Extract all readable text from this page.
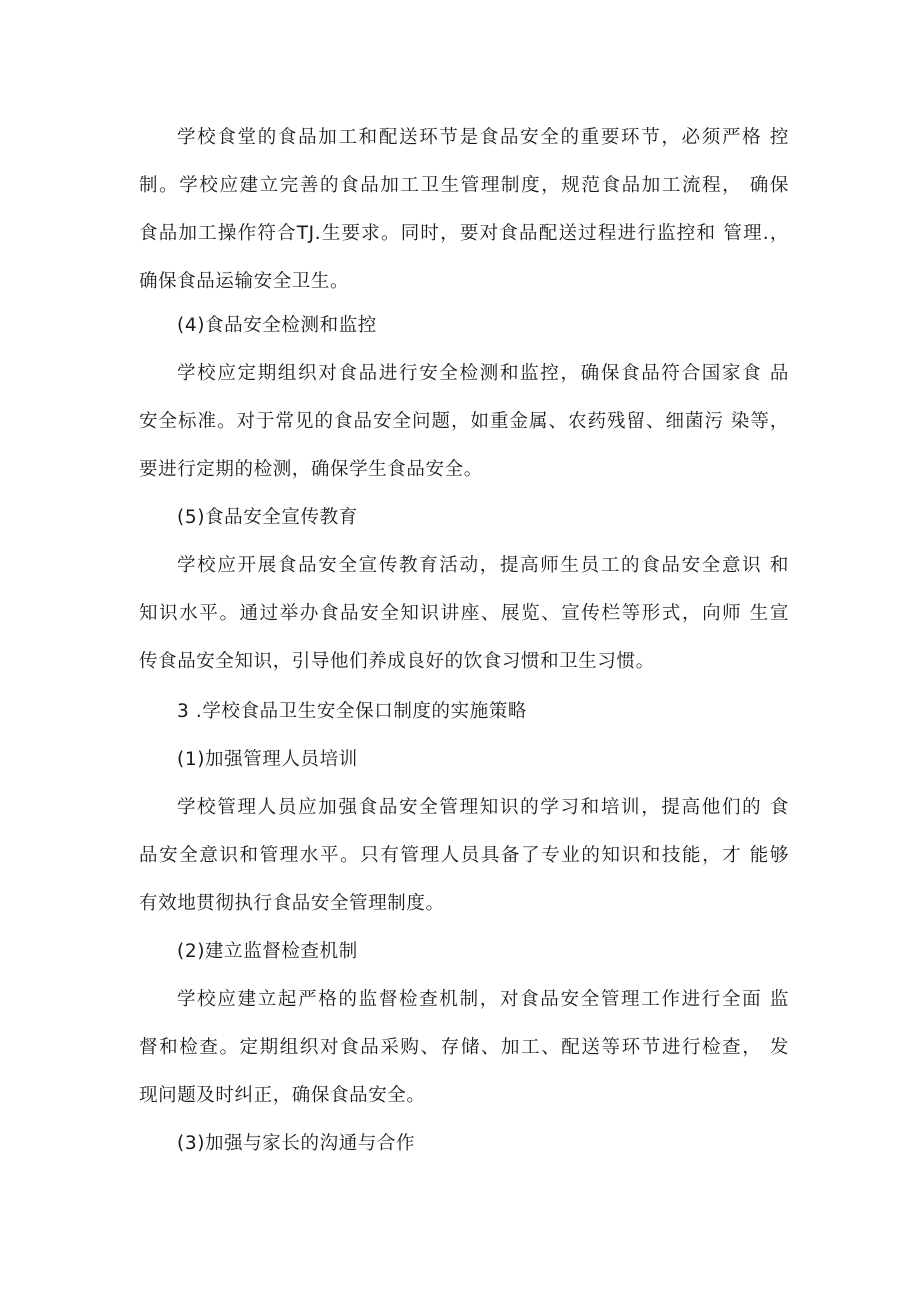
学校食堂的食品加工和配送环节是食品安全的重要环节，必须严格 控
制。学校应建立完善的食品加工卫生管理制度，规范食品加工流程， 确保
食品加工操作符合TJ.生要求。同时，要对食品配送过程进行监控和 管理.，
确保食品运输安全卫生。
(4)食品安全检测和监控
学校应定期组织对食品进行安全检测和监控，确保食品符合国家食 品
安全标准。对于常见的食品安全问题，如重金属、农药残留、细菌污 染等，
要进行定期的检测，确保学生食品安全。
(5)食品安全宣传教育
学校应开展食品安全宣传教育活动，提高师生员工的食品安全意识 和
知识水平。通过举办食品安全知识讲座、展览、宣传栏等形式，向师 生宣
传食品安全知识，引导他们养成良好的饮食习惯和卫生习惯。
3 .学校食品卫生安全保口制度的实施策略
(1)加强管理人员培训
学校管理人员应加强食品安全管理知识的学习和培训，提高他们的 食
品安全意识和管理水平。只有管理人员具备了专业的知识和技能，才 能够
有效地贯彻执行食品安全管理制度。
(2)建立监督检查机制
学校应建立起严格的监督检查机制，对食品安全管理工作进行全面 监
督和检查。定期组织对食品采购、存储、加工、配送等环节进行检查， 发
现问题及时纠正，确保食品安全。
(3)加强与家长的沟通与合作
